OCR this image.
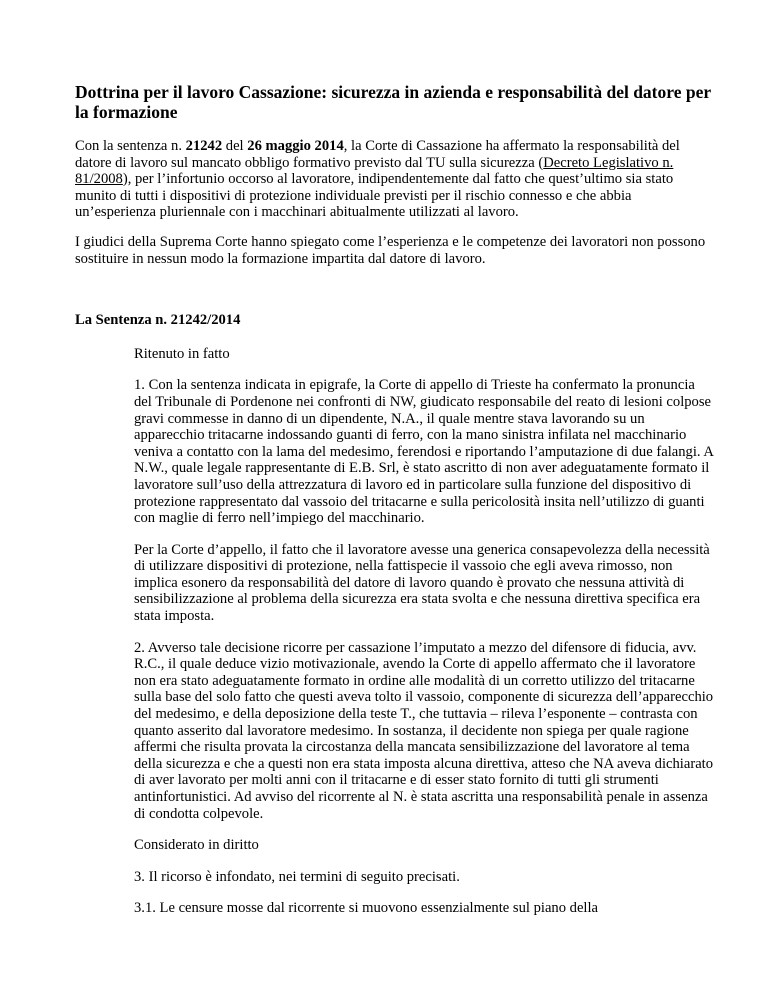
Dottrina per il lavoro Cassazione: sicurezza in azienda e responsabilità del datore per la formazione

Con la sentenza n. 21242 del 26 maggio 2014, la Corte di Cassazione ha affermato la responsabilità del datore di lavoro sul mancato obbligo formativo previsto dal TU sulla sicurezza (Decreto Legislativo n. 81/2008), per l’infortunio occorso al lavoratore, indipendentemente dal fatto che quest’ultimo sia stato munito di tutti i dispositivi di protezione individuale previsti per il rischio connesso e che abbia un’esperienza pluriennale con i macchinari abitualmente utilizzati al lavoro.

I giudici della Suprema Corte hanno spiegato come l’esperienza e le competenze dei lavoratori non possono sostituire in nessun modo la formazione impartita dal datore di lavoro.

La Sentenza n. 21242/2014

Ritenuto in fatto

1. Con la sentenza indicata in epigrafe, la Corte di appello di Trieste ha confermato la pronuncia del Tribunale di Pordenone nei confronti di NW, giudicato responsabile del reato di lesioni colpose gravi commesse in danno di un dipendente, N.A., il quale mentre stava lavorando su un apparecchio tritacarne indossando guanti di ferro, con la mano sinistra infilata nel macchinario veniva a contatto con la lama del medesimo, ferendosi e riportando l’amputazione di due falangi. A N.W., quale legale rappresentante di E.B. Srl, è stato ascritto di non aver adeguatamente formato il lavoratore sull’uso della attrezzatura di lavoro ed in particolare sulla funzione del dispositivo di protezione rappresentato dal vassoio del tritacarne e sulla pericolosità insita nell’utilizzo di guanti con maglie di ferro nell’impiego del macchinario.

Per la Corte d’appello, il fatto che il lavoratore avesse una generica consapevolezza della necessità di utilizzare dispositivi di protezione, nella fattispecie il vassoio che egli aveva rimosso, non implica esonero da responsabilità del datore di lavoro quando è provato che nessuna attività di sensibilizzazione al problema della sicurezza era stata svolta e che nessuna direttiva specifica era stata imposta.

2. Avverso tale decisione ricorre per cassazione l’imputato a mezzo del difensore di fiducia, avv. R.C., il quale deduce vizio motivazionale, avendo la Corte di appello affermato che il lavoratore non era stato adeguatamente formato in ordine alle modalità di un corretto utilizzo del tritacarne sulla base del solo fatto che questi aveva tolto il vassoio, componente di sicurezza dell’apparecchio del medesimo, e della deposizione della teste T., che tuttavia – rileva l’esponente – contrasta con quanto asserito dal lavoratore medesimo. In sostanza, il decidente non spiega per quale ragione affermi che risulta provata la circostanza della mancata sensibilizzazione del lavoratore al tema della sicurezza e che a questi non era stata imposta alcuna direttiva, atteso che NA aveva dichiarato di aver lavorato per molti anni con il tritacarne e di esser stato fornito di tutti gli strumenti antinfortunistici. Ad avviso del ricorrente al N. è stata ascritta una responsabilità penale in assenza di condotta colpevole.

Considerato in diritto

3. Il ricorso è infondato, nei termini di seguito precisati.

3.1. Le censure mosse dal ricorrente si muovono essenzialmente sul piano della
